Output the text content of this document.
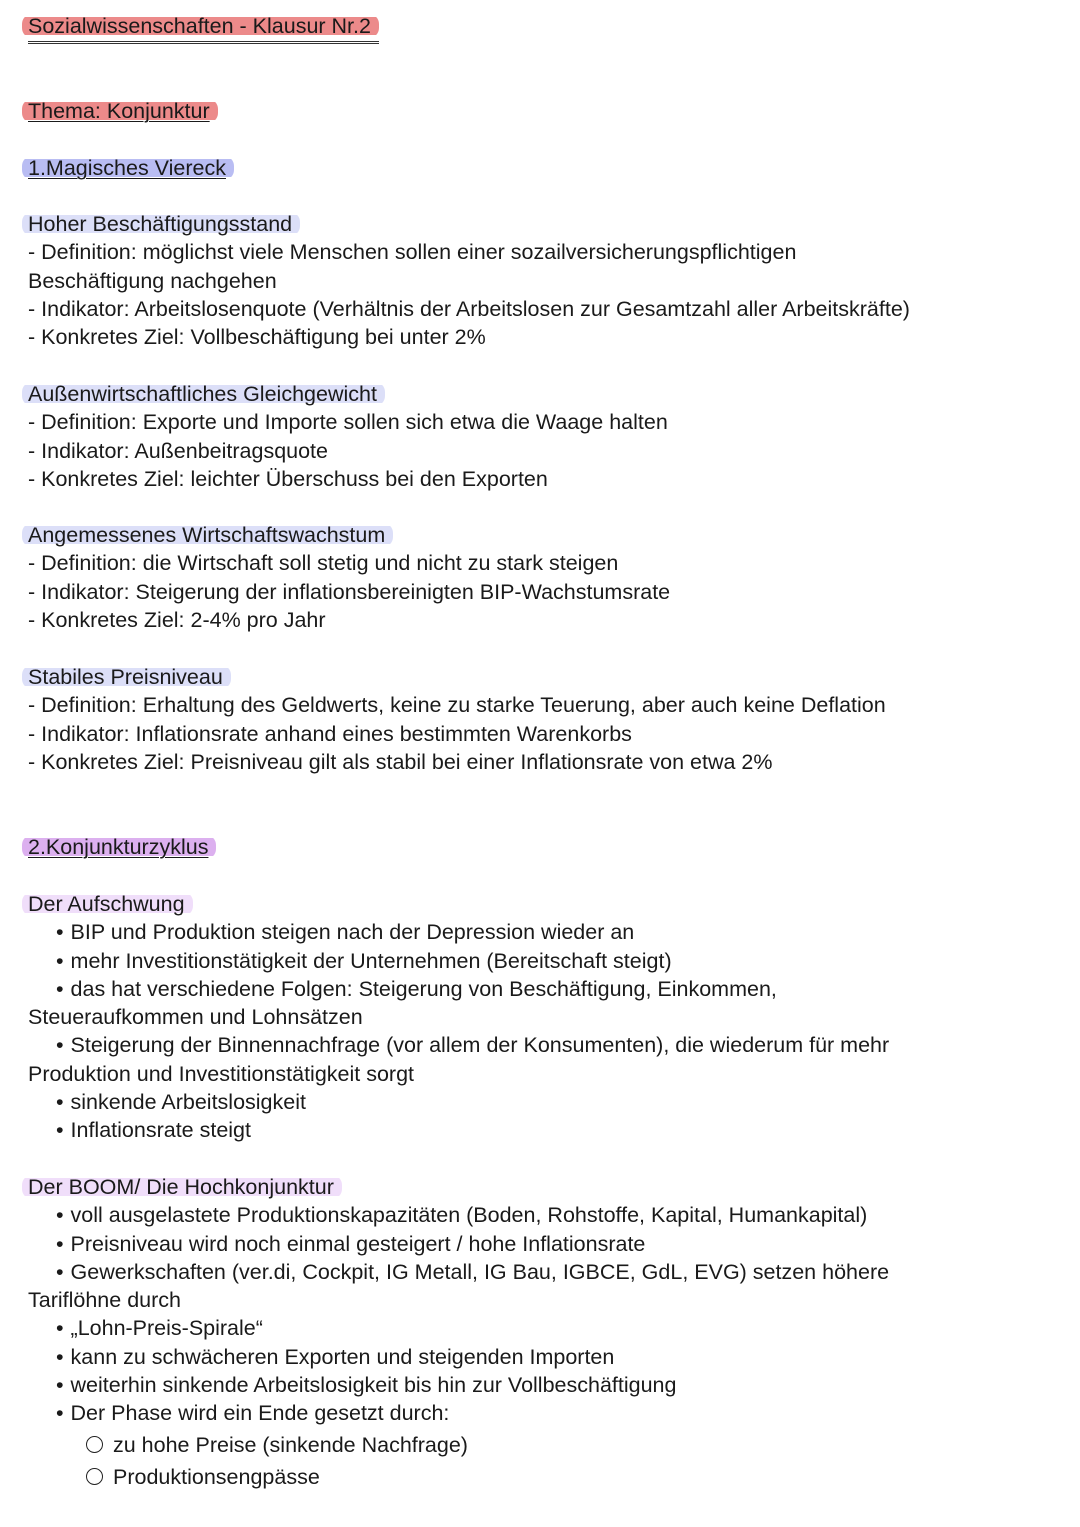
Sozialwissenschaften - Klausur Nr.2
Thema: Konjunktur
1.Magisches Viereck
Hoher Beschäftigungsstand
- Definition: möglichst viele Menschen sollen einer sozailversicherungspflichtigen
Beschäftigung nachgehen
- Indikator: Arbeitslosenquote (Verhältnis der Arbeitslosen zur Gesamtzahl aller Arbeitskräfte)
- Konkretes Ziel: Vollbeschäftigung bei unter 2%
Außenwirtschaftliches Gleichgewicht
- Definition: Exporte und Importe sollen sich etwa die Waage halten
- Indikator: Außenbeitragsquote
- Konkretes Ziel: leichter Überschuss bei den Exporten
Angemessenes Wirtschaftswachstum
- Definition: die Wirtschaft soll stetig und nicht zu stark steigen
- Indikator: Steigerung der inflationsbereinigten BIP-Wachstumsrate
- Konkretes Ziel: 2-4% pro Jahr
Stabiles Preisniveau
- Definition: Erhaltung des Geldwerts, keine zu starke Teuerung, aber auch keine Deflation
- Indikator: Inflationsrate anhand eines bestimmten Warenkorbs
- Konkretes Ziel: Preisniveau gilt als stabil bei einer Inflationsrate von etwa 2%
2.Konjunkturzyklus
Der Aufschwung
• BIP und Produktion steigen nach der Depression wieder an
• mehr Investitionstätigkeit der Unternehmen (Bereitschaft steigt)
• das hat verschiedene Folgen: Steigerung von Beschäftigung, Einkommen,
Steueraufkommen und Lohnsätzen
• Steigerung der Binnennachfrage (vor allem der Konsumenten), die wiederum für mehr
Produktion und Investitionstätigkeit sorgt
• sinkende Arbeitslosigkeit
• Inflationsrate steigt
Der BOOM/ Die Hochkonjunktur
• voll ausgelastete Produktionskapazitäten (Boden, Rohstoffe, Kapital, Humankapital)
• Preisniveau wird noch einmal gesteigert / hohe Inflationsrate
• Gewerkschaften (ver.di, Cockpit, IG Metall, IG Bau, IGBCE, GdL, EVG) setzen höhere
Tariflöhne durch
• „Lohn-Preis-Spirale“
• kann zu schwächeren Exporten und steigenden Importen
• weiterhin sinkende Arbeitslosigkeit bis hin zur Vollbeschäftigung
• Der Phase wird ein Ende gesetzt durch:
zu hohe Preise (sinkende Nachfrage)
Produktionsengpässe
